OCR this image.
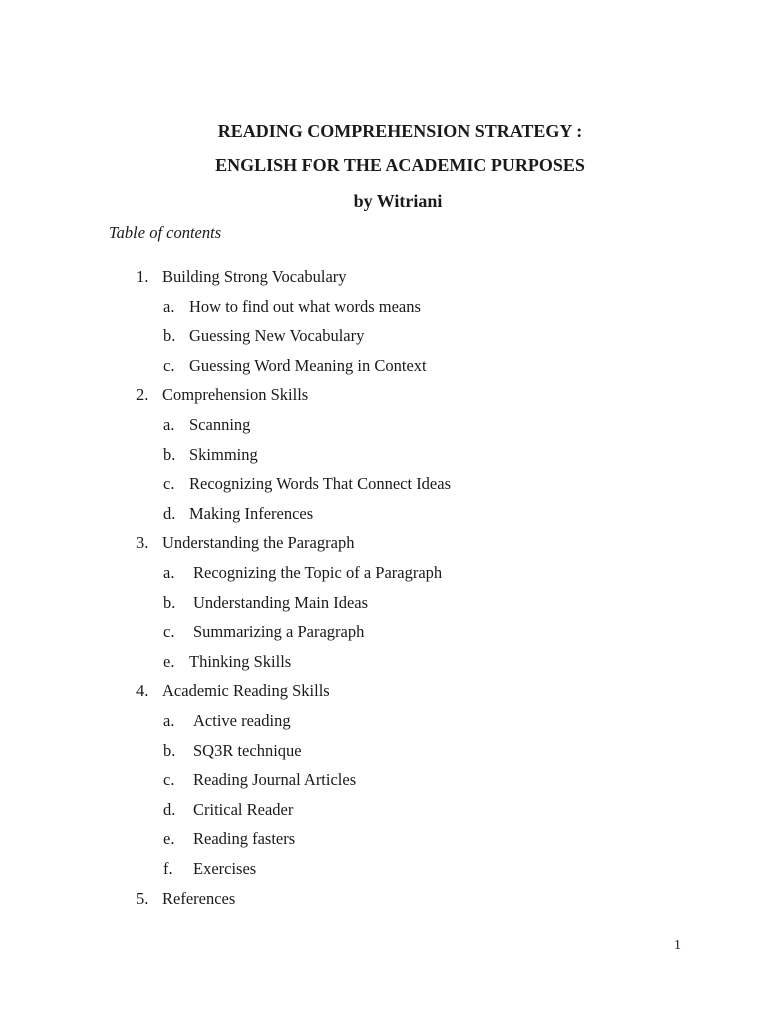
READING COMPREHENSION STRATEGY :
ENGLISH FOR THE ACADEMIC PURPOSES
by Witriani
Table of contents
1. Building Strong Vocabulary
a. How to find out what words means
b. Guessing New Vocabulary
c. Guessing Word Meaning in Context
2. Comprehension Skills
a. Scanning
b. Skimming
c. Recognizing Words That Connect Ideas
d. Making Inferences
3. Understanding the Paragraph
a. Recognizing the Topic of a Paragraph
b. Understanding Main Ideas
c. Summarizing a Paragraph
e. Thinking Skills
4. Academic Reading Skills
a. Active reading
b. SQ3R technique
c. Reading Journal Articles
d. Critical Reader
e. Reading fasters
f. Exercises
5. References
1
